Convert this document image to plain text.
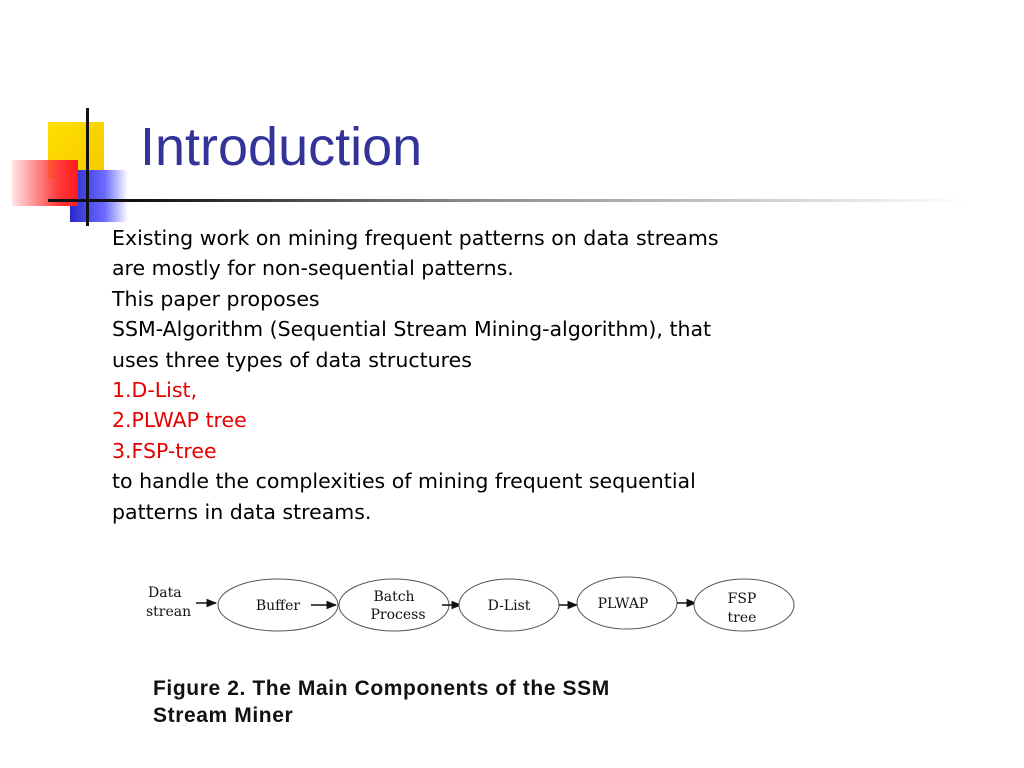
Introduction
Existing work on mining frequent patterns on data streams
are mostly for non-sequential patterns.
This paper proposes
SSM-Algorithm (Sequential Stream Mining-algorithm), that
uses three types of data structures
1.D-List,
2.PLWAP tree
3.FSP-tree
to handle the complexities of mining frequent sequential
patterns in data streams.
Data
strean	Buffer
Batch
Process
D-List	PLWAP	FSP
tree

Figure 2. The Main Components of the SSM
Stream Miner
